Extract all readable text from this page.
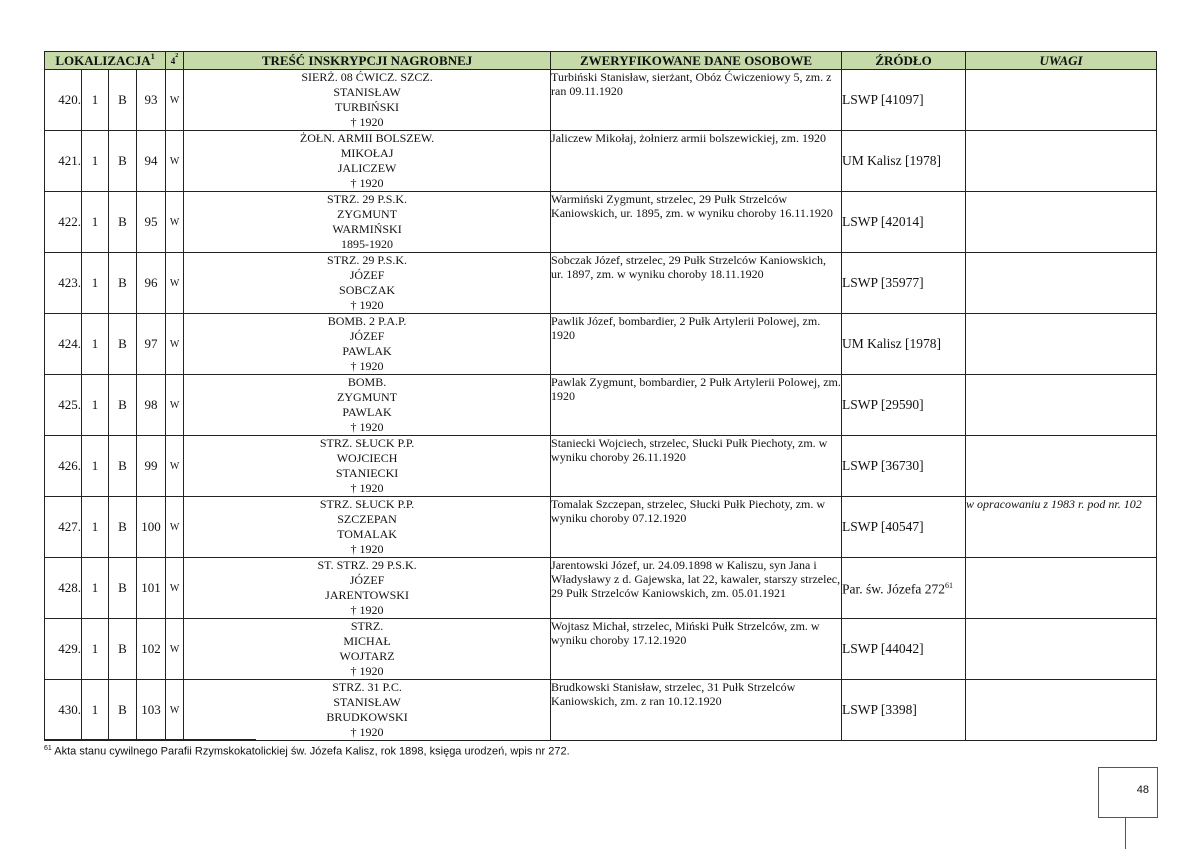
LOKALIZACJA$^1$				$4^2$	TREŚĆ INSKRYPCJI NAGROBNEJ	ZWERYFIKOWANE DANE OSOBOWE	ŹRÓDŁO	UWAGI
420.	1	B	93	W	SIERŻ. 08 ĆWICZ. SZCZ.
STANISŁAW
TURBIŃSKI
† 1920	Turbiński Stanisław, sierżant, Obóz Ćwiczeniowy 5, zm. z ran 09.11.1920	LSWP [41097]	
421.	1	B	94	W	ŻOŁN. ARMII BOLSZEW.
MIKOŁAJ
JALICZEW
† 1920	Jaliczew Mikołaj, żołnierz armii bolszewickiej, zm. 1920	UM Kalisz [1978]	
422.	1	B	95	W	STRZ. 29 P.S.K.
ZYGMUNT
WARMIŃSKI
1895-1920	Warmiński Zygmunt, strzelec, 29 Pułk Strzelców Kaniowskich, ur. 1895, zm. w wyniku choroby 16.11.1920	LSWP [42014]	
423.	1	B	96	W	STRZ. 29 P.S.K.
JÓZEF
SOBCZAK
† 1920	Sobczak Józef, strzelec, 29 Pułk Strzelców Kaniowskich, ur. 1897, zm. w wyniku choroby 18.11.1920	LSWP [35977]	
424.	1	B	97	W	BOMB. 2 P.A.P.
JÓZEF
PAWLAK
† 1920	Pawlik Józef, bombardier, 2 Pułk Artylerii Polowej, zm. 1920	UM Kalisz [1978]	
425.	1	B	98	W	BOMB.
ZYGMUNT
PAWLAK
† 1920	Pawlak Zygmunt, bombardier, 2 Pułk Artylerii Polowej, zm. 1920	LSWP [29590]	
426.	1	B	99	W	STRZ. SŁUCK P.P.
WOJCIECH
STANIECKI
† 1920	Staniecki Wojciech, strzelec, Słucki Pułk Piechoty, zm. w wyniku choroby 26.11.1920	LSWP [36730]	
427.	1	B	100	W	STRZ. SŁUCK P.P.
SZCZEPAN
TOMALAK
† 1920	Tomalak Szczepan, strzelec, Słucki Pułk Piechoty, zm. w wyniku choroby 07.12.1920	LSWP [40547]	w opracowaniu z 1983 r. pod nr. 102
428.	1	B	101	W	ST. STRZ. 29 P.S.K.
JÓZEF
JARENTOWSKI
† 1920	Jarentowski Józef, ur. 24.09.1898 w Kaliszu, syn Jana i Władysławy z d. Gajewska, lat 22, kawaler, starszy strzelec, 29 Pułk Strzelców Kaniowskich, zm. 05.01.1921	Par. św. Józefa $272^{61}$	
429.	1	B	102	W	STRZ.
MICHAŁ
WOJTARZ
† 1920	Wojtasz Michał, strzelec, Miński Pułk Strzelców, zm. w wyniku choroby 17.12.1920	LSWP [44042]	
430.	1	B	103	W	STRZ. 31 P.C.
STANISŁAW
BRUDKOWSKI
† 1920	Brudkowski Stanisław, strzelec, 31 Pułk Strzelców Kaniowskich, zm. z ran 10.12.1920	LSWP [3398]	
$^{61}$ Akta stanu cywilnego Parafii Rzymskokatolickiej św. Józefa Kalisz, rok 1898, księga urodzeń, wpis nr 272.
48
